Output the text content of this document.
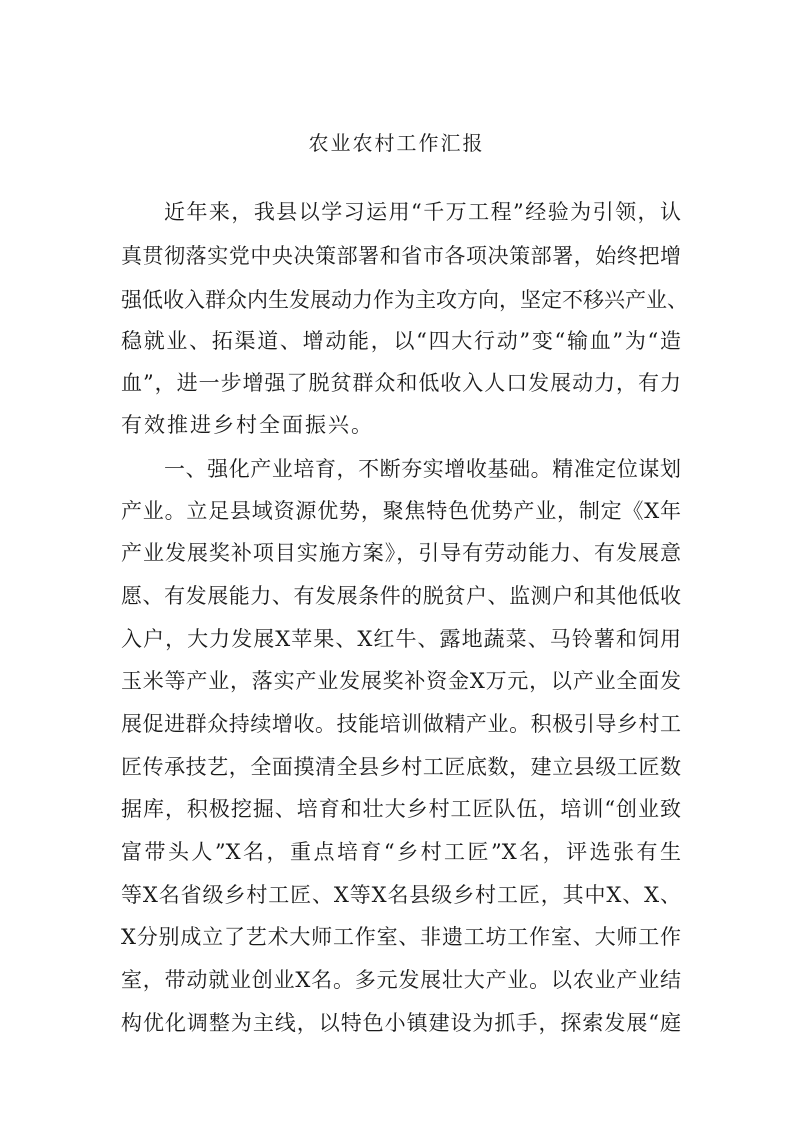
农业农村工作汇报
近年来，我县以学习运用“千万工程”经验为引领，认
真贯彻落实党中央决策部署和省市各项决策部署，始终把增
强低收入群众内生发展动力作为主攻方向，坚定不移兴产业、
稳就业、拓渠道、增动能，以“四大行动”变“输血”为“造
血”，进一步增强了脱贫群众和低收入人口发展动力，有力
有效推进乡村全面振兴。
一、强化产业培育，不断夯实增收基础。精准定位谋划
产业。立足县域资源优势，聚焦特色优势产业，制定《X年
产业发展奖补项目实施方案》，引导有劳动能力、有发展意
愿、有发展能力、有发展条件的脱贫户、监测户和其他低收
入户，大力发展X苹果、X红牛、露地蔬菜、马铃薯和饲用
玉米等产业，落实产业发展奖补资金X万元，以产业全面发
展促进群众持续增收。技能培训做精产业。积极引导乡村工
匠传承技艺，全面摸清全县乡村工匠底数，建立县级工匠数
据库，积极挖掘、培育和壮大乡村工匠队伍，培训“创业致
富带头人”X名，重点培育“乡村工匠”X名，评选张有生
等X名省级乡村工匠、X等X名县级乡村工匠，其中X、X、
X分别成立了艺术大师工作室、非遗工坊工作室、大师工作
室，带动就业创业X名。多元发展壮大产业。以农业产业结
构优化调整为主线，以特色小镇建设为抓手，探索发展“庭
